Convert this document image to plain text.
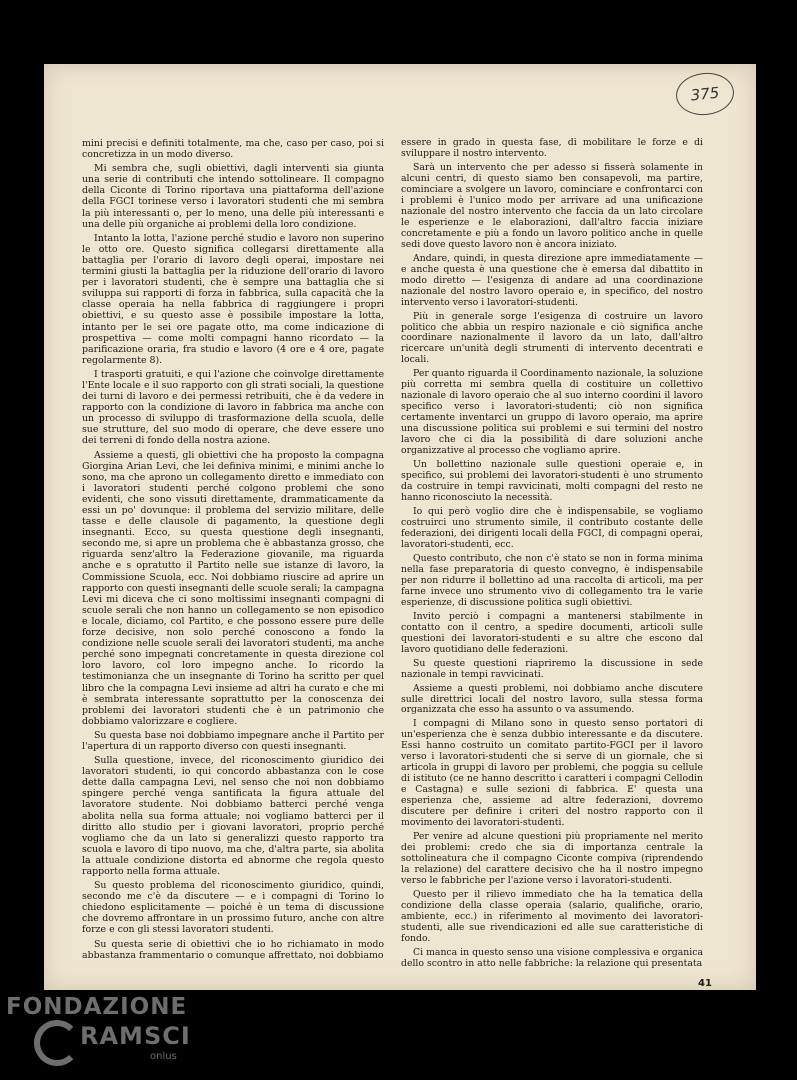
375

mini precisi e definiti totalmente, ma che, caso per caso, poi si concretizza in un modo diverso.

Mi sembra che, sugli obiettivi, dagli interventi sia giunta una serie di contributi che intendo sottolineare. Il compagno della Ciconte di Torino riportava una piattaforma dell'azione della FGCI torinese verso i lavoratori studenti che mi sembra la più interessanti o, per lo meno, una delle più interessanti e una delle più organiche ai problemi della loro condizione.

Intanto la lotta, l'azione perché studio e lavoro non superino le otto ore. Questo significa collegarsi direttamente alla battaglia per l'orario di lavoro degli operai, impostare nei termini giusti la battaglia per la riduzione dell'orario di lavoro per i lavoratori studenti, che è sempre una battaglia che si sviluppa sui rapporti di forza in fabbrica, sulla capacità che la classe operaia ha nella fabbrica di raggiungere i propri obiettivi, e su questo asse è possibile impostare la lotta, intanto per le sei ore pagate otto, ma come indicazione di prospettiva — come molti compagni hanno ricordato — la parificazione oraria, fra studio e lavoro (4 ore e 4 ore, pagate regolarmente 8).

I trasporti gratuiti, e qui l'azione che coinvolge direttamente l'Ente locale e il suo rapporto con gli strati sociali, la questione dei turni di lavoro e dei permessi retribuiti, che è da vedere in rapporto con la condizione di lavoro in fabbrica ma anche con un processo di sviluppo di trasformazione della scuola, delle sue strutture, del suo modo di operare, che deve essere uno dei terreni di fondo della nostra azione.

Assieme a questi, gli obiettivi che ha proposto la compagna Giorgina Arian Levi, che lei definiva minimi, e minimi anche lo sono, ma che aprono un collegamento diretto e immediato con i lavoratori studenti perché colgono problemi che sono evidenti, che sono vissuti direttamente, drammaticamente da essi un po' dovunque: il problema del servizio militare, delle tasse e delle clausole di pagamento, la questione degli insegnanti. Ecco, su questa questione degli insegnanti, secondo me, si apre un problema che è abbastanza grosso, che riguarda senz'altro la Federazione giovanile, ma riguarda anche e s opratutto il Partito nelle sue istanze di lavoro, la Commissione Scuola, ecc. Noi dobbiamo riuscire ad aprire un rapporto con questi insegnanti delle scuole serali; la campagna Levi mi diceva che ci sono moltissimi insegnanti compagni di scuole serali che non hanno un collegamento se non episodico e locale, diciamo, col Partito, e che possono essere pure delle forze decisive, non solo perché conoscono a fondo la condizione nelle scuole serali dei lavoratori studenti, ma anche perché sono impegnati concretamente in questa direzione col loro lavoro, col loro impegno anche. Io ricordo la testimonianza che un insegnante di Torino ha scritto per quel libro che la compagna Levi insieme ad altri ha curato e che mi è sembrata interessante soprattutto per la conoscenza dei problemi dei lavoratori studenti che è un patrimonio che dobbiamo valorizzare e cogliere.

Su questa base noi dobbiamo impegnare anche il Partito per l'apertura di un rapporto diverso con questi insegnanti.

Sulla questione, invece, del riconoscimento giuridico dei lavoratori studenti, io qui concordo abbastanza con le cose dette dalla campagna Levi, nel senso che noi non dobbiamo spingere perché venga santificata la figura attuale del lavoratore studente. Noi dobbiamo batterci perché venga abolita nella sua forma attuale; noi vogliamo batterci per il diritto allo studio per i giovani lavoratori, proprio perché vogliamo che da un lato si generalizzi questo rapporto tra scuola e lavoro di tipo nuovo, ma che, d'altra parte, sia abolita la attuale condizione distorta ed abnorme che regola questo rapporto nella forma attuale.

Su questo problema del riconoscimento giuridico, quindi, secondo me c'è da discutere — e i compagni di Torino lo chiedono esplicitamente — poiché è un tema di discussione che dovremo affrontare in un prossimo futuro, anche con altre forze e con gli stessi lavoratori studenti.

Su questa serie di obiettivi che io ho richiamato in modo abbastanza frammentario o comunque affrettato, noi dobbiamo

essere in grado in questa fase, di mobilitare le forze e di sviluppare il nostro intervento.

Sarà un intervento che per adesso si fisserà solamente in alcuni centri, di questo siamo ben consapevoli, ma partire, cominciare a svolgere un lavoro, cominciare e confrontarci con i problemi è l'unico modo per arrivare ad una unificazione nazionale del nostro intervento che faccia da un lato circolare le esperienze e le elaborazioni, dall'altro faccia iniziare concretamente e più a fondo un lavoro politico anche in quelle sedi dove questo lavoro non è ancora iniziato.

Andare, quindi, in questa direzione apre immediatamente — e anche questa è una questione che è emersa dal dibattito in modo diretto — l'esigenza di andare ad una coordinazione nazionale del nostro lavoro operaio e, in specifico, del nostro intervento verso i lavoratori-studenti.

Più in generale sorge l'esigenza di costruire un lavoro politico che abbia un respiro nazionale e ciò significa anche coordinare nazionalmente il lavoro da un lato, dall'altro ricercare un'unità degli strumenti di intervento decentrati e locali.

Per quanto riguarda il Coordinamento nazionale, la soluzione più corretta mi sembra quella di costituire un collettivo nazionale di lavoro operaio che al suo interno coordini il lavoro specifico verso i lavoratori-studenti; ciò non significa certamente inventarci un gruppo di lavoro operaio, ma aprire una discussione politica sui problemi e sui termini del nostro lavoro che ci dia la possibilità di dare soluzioni anche organizzative al processo che vogliamo aprire.

Un bollettino nazionale sulle questioni operaie e, in specifico, sui problemi dei lavoratori-studenti è uno strumento da costruire in tempi ravvicinati, molti compagni del resto ne hanno riconosciuto la necessità.

Io qui però voglio dire che è indispensabile, se vogliamo costruirci uno strumento simile, il contributo costante delle federazioni, dei dirigenti locali della FGCI, di compagni operai, lavoratori-studenti, ecc.

Questo contributo, che non c'è stato se non in forma minima nella fase preparatoria di questo convegno, è indispensabile per non ridurre il bollettino ad una raccolta di articoli, ma per farne invece uno strumento vivo di collegamento tra le varie esperienze, di discussione politica sugli obiettivi.

Invito perciò i compagni a mantenersi stabilmente in contatto con il centro, a spedire documenti, articoli sulle questioni dei lavoratori-studenti e su altre che escono dal lavoro quotidiano delle federazioni.

Su queste questioni riapriremo la discussione in sede nazionale in tempi ravvicinati.

Assieme a questi problemi, noi dobbiamo anche discutere sulle direttrici locali del nostro lavoro, sulla stessa forma organizzata che esso ha assunto o va assumendo.

I compagni di Milano sono in questo senso portatori di un'esperienza che è senza dubbio interessante e da discutere. Essi hanno costruito un comitato partito-FGCI per il lavoro verso i lavoratori-studenti che si serve di un giornale, che si articola in gruppi di lavoro per problemi, che poggia su cellule di istituto (ce ne hanno descritto i caratteri i compagni Cellodin e Castagna) e sulle sezioni di fabbrica. E' questa una esperienza che, assieme ad altre federazioni, dovremo discutere per definire i criteri del nostro rapporto con il movimento dei lavoratori-studenti.

Per venire ad alcune questioni più propriamente nel merito dei problemi: credo che sia di importanza centrale la sottolineatura che il compagno Ciconte compiva (riprendendo la relazione) del carattere decisivo che ha il nostro impegno verso le fabbriche per l'azione verso i lavoratori-studenti.

Questo per il rilievo immediato che ha la tematica della condizione della classe operaia (salario, qualifiche, orario, ambiente, ecc.) in riferimento al movimento dei lavoratori-studenti, alle sue rivendicazioni ed alle sue caratteristiche di fondo.

Ci manca in questo senso una visione complessiva e organica dello scontro in atto nelle fabbriche: la relazione qui presentata

41
FONDAZIONE
RAMSCI
onlus
